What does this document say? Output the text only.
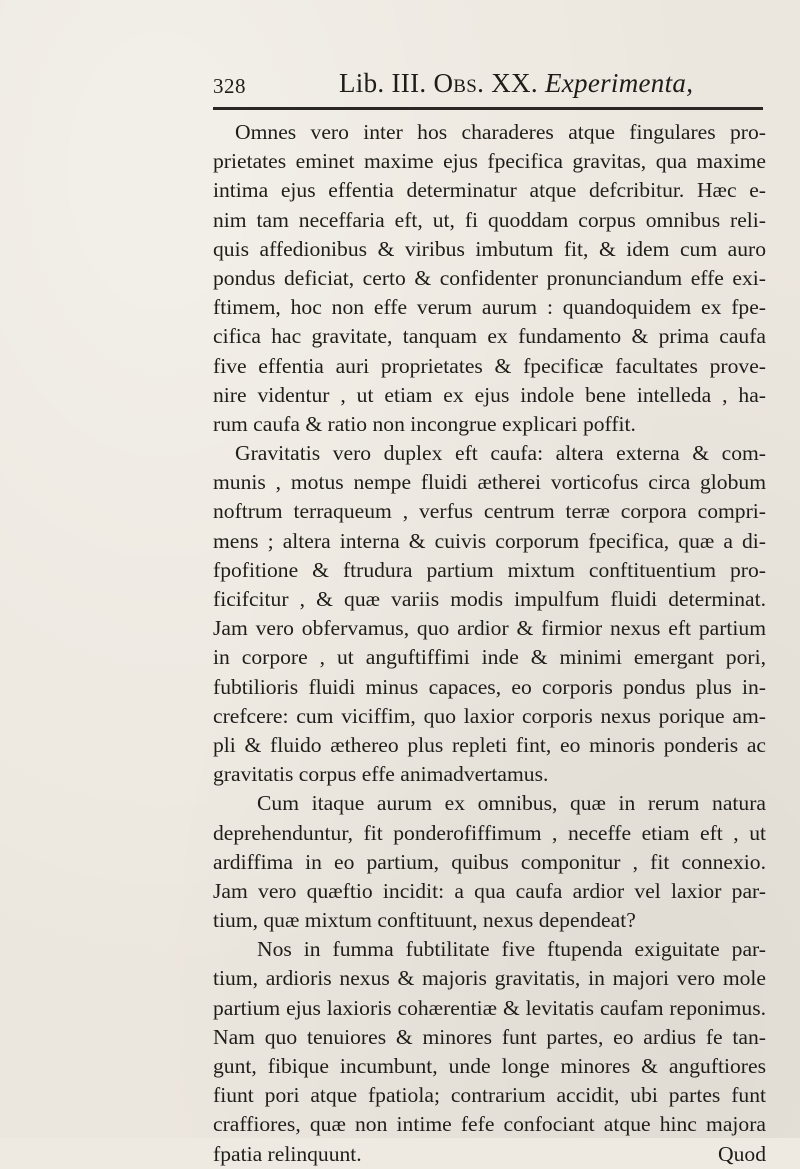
328	Lib. III. Obs. XX. Experimenta,
Omnes vero inter hos charaderes atque fingulares pro-
prietates eminet maxime ejus fpecifica gravitas, qua maxime
intima ejus effentia determinatur atque defcribitur. Hæc e-
nim tam neceffaria eft, ut, fi quoddam corpus omnibus reli-
quis affedionibus & viribus imbutum fit, & idem cum auro
pondus deficiat, certo & confidenter pronunciandum effe exi-
ftimem, hoc non effe verum aurum : quandoquidem ex fpe-
cifica hac gravitate, tanquam ex fundamento & prima caufa
five effentia auri proprietates & fpecificæ facultates prove-
nire videntur , ut etiam ex ejus indole bene intelleda , ha-
rum caufa & ratio non incongrue explicari poffit.
Gravitatis vero duplex eft caufa: altera externa & com-
munis , motus nempe fluidi ætherei vorticofus circa globum
noftrum terraqueum , verfus centrum terræ corpora compri-
mens ; altera interna & cuivis corporum fpecifica, quæ a di-
fpofitione & ftrudura partium mixtum conftituentium pro-
ficifcitur , & quæ variis modis impulfum fluidi determinat.
Jam vero obfervamus, quo ardior & firmior nexus eft partium
in corpore , ut anguftiffimi inde & minimi emergant pori,
fubtilioris fluidi minus capaces, eo corporis pondus plus in-
crefcere: cum viciffim, quo laxior corporis nexus porique am-
pli & fluido æthereo plus repleti fint, eo minoris ponderis ac
gravitatis corpus effe animadvertamus.
Cum itaque aurum ex omnibus, quæ in rerum natura
deprehenduntur, fit ponderofiffimum , neceffe etiam eft , ut
ardiffima in eo partium, quibus componitur , fit connexio.
Jam vero quæftio incidit: a qua caufa ardior vel laxior par-
tium, quæ mixtum conftituunt, nexus dependeat?
Nos in fumma fubtilitate five ftupenda exiguitate par-
tium, ardioris nexus & majoris gravitatis, in majori vero mole
partium ejus laxioris cohærentiæ & levitatis caufam reponimus.
Nam quo tenuiores & minores funt partes, eo ardius fe tan-
gunt, fibique incumbunt, unde longe minores & anguftiores
fiunt pori atque fpatiola; contrarium accidit, ubi partes funt
craffiores, quæ non intime fefe confociant atque hinc majora
fpatia relinquunt.	Quod
